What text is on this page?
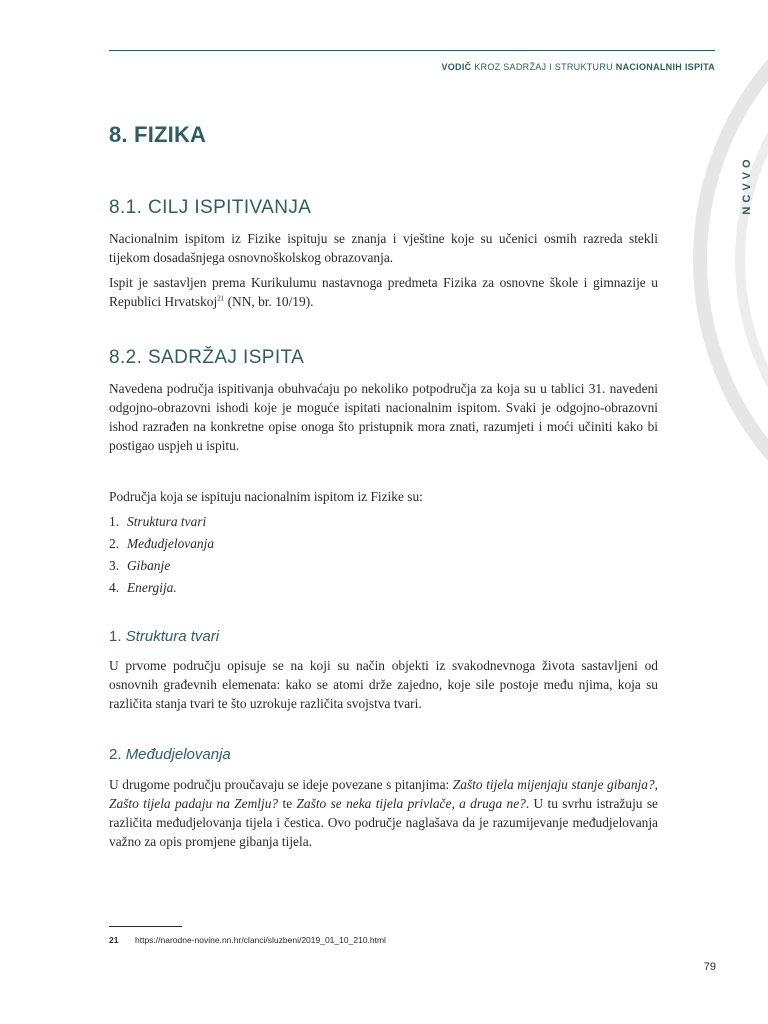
VODIČ KROZ SADRŽAJ I STRUKTURU NACIONALNIH ISPITA
NCVVO
8. FIZIKA
8.1. CILJ ISPITIVANJA

Nacionalnim ispitom iz Fizike ispituju se znanja i vještine koje su učenici osmih razreda stekli tijekom dosadašnjega osnovnoškolskog obrazovanja.

Ispit je sastavljen prema Kurikulumu nastavnoga predmeta Fizika za osnovne škole i gimnazije u Republici Hrvatskoj$^{21}$ (NN, br. 10/19).

8.2. SADRŽAJ ISPITA

Navedena područja ispitivanja obuhvaćaju po nekoliko potpodručja za koja su u tablici 31. navedeni odgojno-obrazovni ishodi koje je moguće ispitati nacionalnim ispitom. Svaki je odgojno-obrazovni ishod razrađen na konkretne opise onoga što pristupnik mora znati, razumjeti i moći učiniti kako bi postigao uspjeh u ispitu.

Područja koja se ispituju nacionalnim ispitom iz Fizike su:

1. Struktura tvari
2. Međudjelovanja
3. Gibanje
4. Energija.
1. Struktura tvari

U prvome području opisuje se na koji su način objekti iz svakodnevnoga života sastavljeni od osnovnih građevnih elemenata: kako se atomi drže zajedno, koje sile postoje među njima, koja su različita stanja tvari te što uzrokuje različita svojstva tvari.

2. Međudjelovanja

U drugome području proučavaju se ideje povezane s pitanjima: Zašto tijela mijenjaju stanje gibanja?, Zašto tijela padaju na Zemlju? te Zašto se neka tijela privlače, a druga ne?. U tu svrhu istražuju se različita međudjelovanja tijela i čestica. Ovo područje naglašava da je razumijevanje međudjelovanja važno za opis promjene gibanja tijela.

21 https://narodne-novine.nn.hr/clanci/sluzbeni/2019_01_10_210.html
79
